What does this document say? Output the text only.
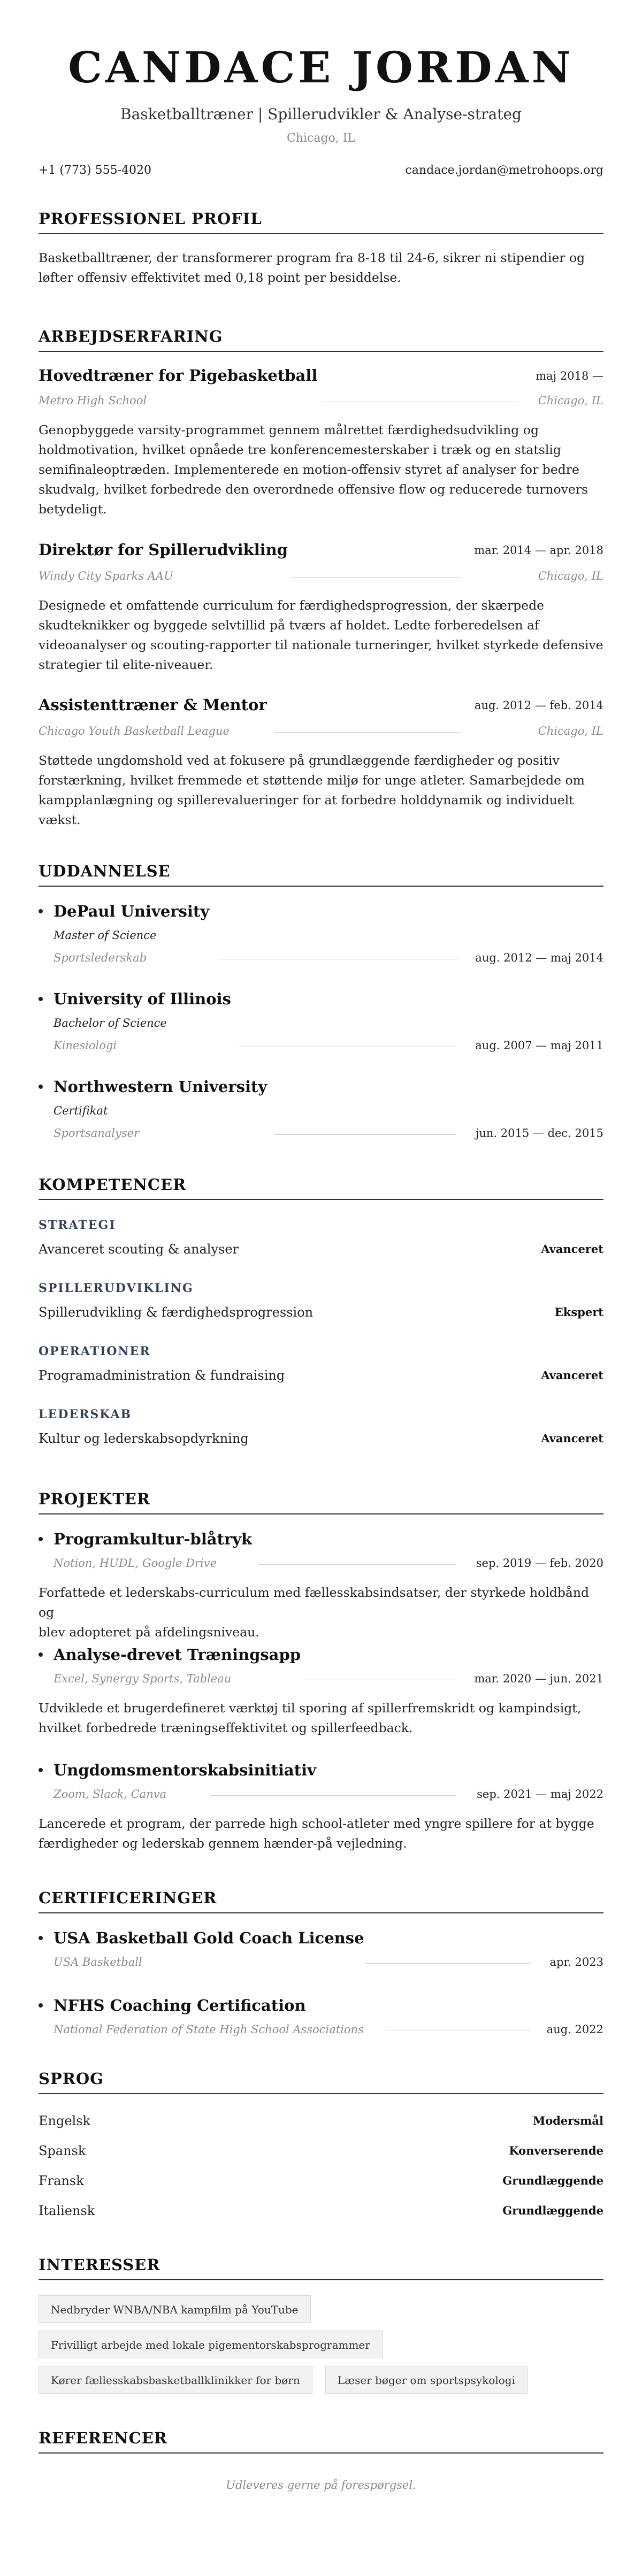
CANDACE JORDAN
Basketballtræner | Spillerudvikler & Analyse-strateg
Chicago, IL
+1 (773) 555-4020	candace.jordan@metrohoops.org
PROFESSIONEL PROFIL
Basketballtræner, der transformerer program fra 8-18 til 24-6, sikrer ni stipendier og
løfter offensiv effektivitet med 0,18 point per besiddelse.
ARBEJDSERFARING
Hovedtræner for Pigebasketball	maj 2018 —
Metro High School	Chicago, IL
Genopbyggede varsity-programmet gennem målrettet færdighedsudvikling og
holdmotivation, hvilket opnåede tre konferencemesterskaber i træk og en statslig
semifinaleoptræden. Implementerede en motion-offensiv styret af analyser for bedre
skudvalg, hvilket forbedrede den overordnede offensive flow og reducerede turnovers
betydeligt.
Direktør for Spillerudvikling	mar. 2014 — apr. 2018
Windy City Sparks AAU	Chicago, IL
Designede et omfattende curriculum for færdighedsprogression, der skærpede
skudteknikker og byggede selvtillid på tværs af holdet. Ledte forberedelsen af
videoanalyser og scouting-rapporter til nationale turneringer, hvilket styrkede defensive
strategier til elite-niveauer.
Assistenttræner & Mentor	aug. 2012 — feb. 2014
Chicago Youth Basketball League	Chicago, IL
Støttede ungdomshold ved at fokusere på grundlæggende færdigheder og positiv
forstærkning, hvilket fremmede et støttende miljø for unge atleter. Samarbejdede om
kampplanlægning og spillerevalueringer for at forbedre holddynamik og individuelt
vækst.
UDDANNELSE
DePaul University
Master of Science
Sportslederskab	aug. 2012 — maj 2014
University of Illinois
Bachelor of Science
Kinesiologi	aug. 2007 — maj 2011
Northwestern University
Certifikat
Sportsanalyser	jun. 2015 — dec. 2015
KOMPETENCER
STRATEGI
Avanceret scouting & analyser	Avanceret
SPILLERUDVIKLING
Spillerudvikling & færdighedsprogression	Ekspert
OPERATIONER
Programadministration & fundraising	Avanceret
LEDERSKAB
Kultur og lederskabsopdyrkning	Avanceret
PROJEKTER
Programkultur-blåtryk
Notion, HUDL, Google Drive	sep. 2019 — feb. 2020
Forfattede et lederskabs-curriculum med fællesskabsindsatser, der styrkede holdbånd og
blev adopteret på afdelingsniveau.
Analyse-drevet Træningsapp
Excel, Synergy Sports, Tableau	mar. 2020 — jun. 2021
Udviklede et brugerdefineret værktøj til sporing af spillerfremskridt og kampindsigt,
hvilket forbedrede træningseffektivitet og spillerfeedback.
Ungdomsmentorskabsinitiativ
Zoom, Slack, Canva	sep. 2021 — maj 2022
Lancerede et program, der parrede high school-atleter med yngre spillere for at bygge
færdigheder og lederskab gennem hænder-på vejledning.
CERTIFICERINGER
USA Basketball Gold Coach License
USA Basketball	apr. 2023
NFHS Coaching Certification
National Federation of State High School Associations	aug. 2022
SPROG
Engelsk	Modersmål
Spansk	Konverserende
Fransk	Grundlæggende
Italiensk	Grundlæggende
INTERESSER
Nedbryder WNBA/NBA kampfilm på YouTube
Frivilligt arbejde med lokale pigementorskabsprogrammer
Kører fællesskabsbasketballklinikker for børn	Læser bøger om sportspsykologi
REFERENCER
Udleveres gerne på forespørgsel.
